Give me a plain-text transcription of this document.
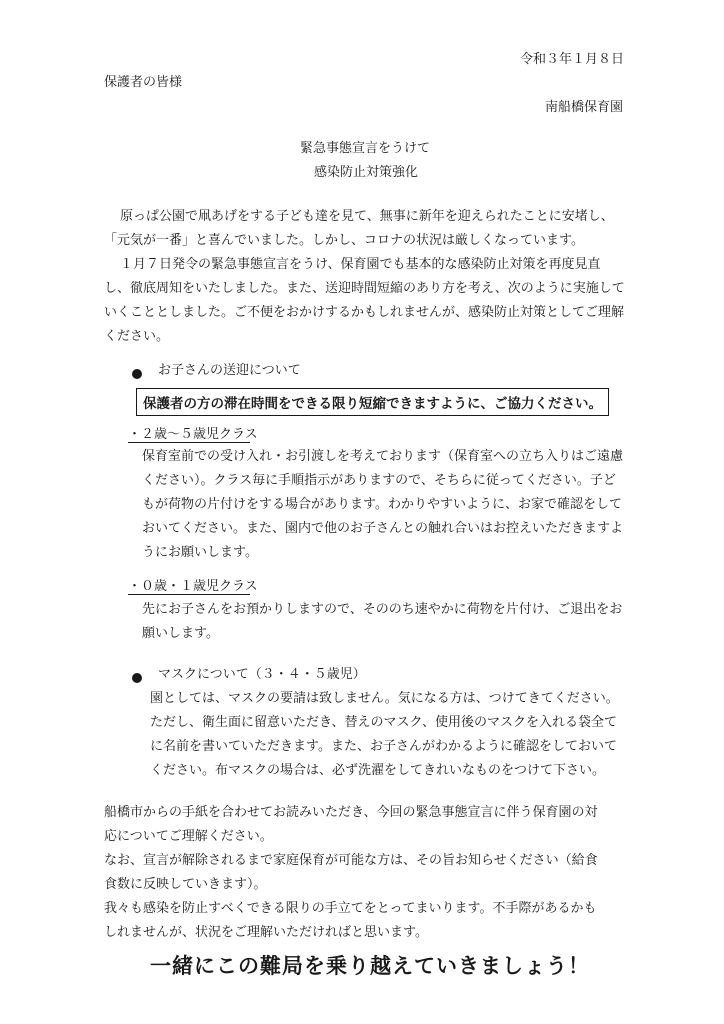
令和３年１月８日
保護者の皆様
南船橋保育園
緊急事態宣言をうけて
感染防止対策強化
原っぱ公園で凧あげをする子ども達を見て、無事に新年を迎えられたことに安堵し、
「元気が一番」と喜んでいました。しかし、コロナの状況は厳しくなっています。
１月７日発令の緊急事態宣言をうけ、保育園でも基本的な感染防止対策を再度見直
し、徹底周知をいたしました。また、送迎時間短縮のあり方を考え、次のように実施して
いくこととしました。ご不便をおかけするかもしれませんが、感染防止対策としてご理解
ください。
お子さんの送迎について
保護者の方の滞在時間をできる限り短縮できますように、ご協力ください。
・２歳～５歳児クラス
保育室前での受け入れ・お引渡しを考えております（保育室への立ち入りはご遠慮
ください）。クラス毎に手順指示がありますので、そちらに従ってください。子ど
もが荷物の片付けをする場合があります。わかりやすいように、お家で確認をして
おいてください。また、園内で他のお子さんとの触れ合いはお控えいただきますよ
うにお願いします。
・０歳・１歳児クラス
先にお子さんをお預かりしますので、そののち速やかに荷物を片付け、ご退出をお
願いします。
マスクについて（３・４・５歳児）
園としては、マスクの要請は致しません。気になる方は、つけてきてください。
ただし、衛生面に留意いただき、替えのマスク、使用後のマスクを入れる袋全て
に名前を書いていただきます。また、お子さんがわかるように確認をしておいて
ください。布マスクの場合は、必ず洗濯をしてきれいなものをつけて下さい。
船橋市からの手紙を合わせてお読みいただき、今回の緊急事態宣言に伴う保育園の対
応についてご理解ください。
なお、宣言が解除されるまで家庭保育が可能な方は、その旨お知らせください（給食
食数に反映していきます）。
我々も感染を防止すべくできる限りの手立てをとってまいります。不手際があるかも
しれませんが、状況をご理解いただければと思います。
一緒にこの難局を乗り越えていきましょう！
